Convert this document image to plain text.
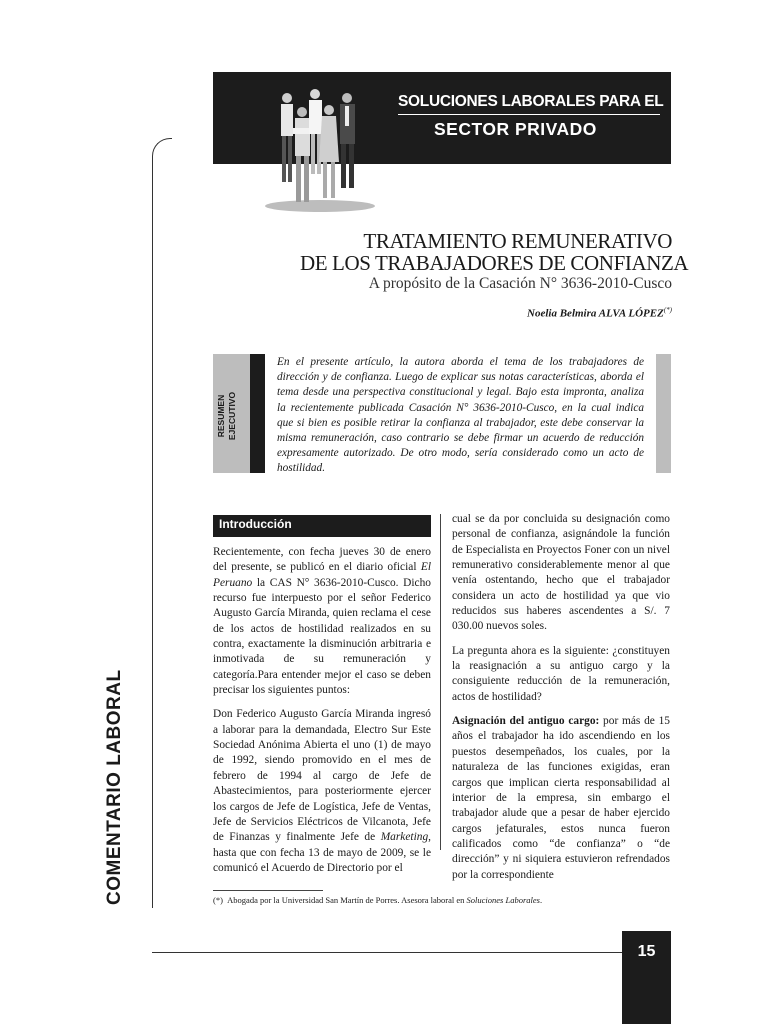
COMENTARIO LABORAL
SOLUCIONES LABORALES PARA EL
SECTOR PRIVADO
TRATAMIENTO REMUNERATIVO
DE LOS TRABAJADORES DE CONFIANZA
A propósito de la Casación N° 3636-2010-Cusco
Noelia Belmira ALVA LÓPEZ(*)
RESUMEN EJECUTIVO
En el presente artículo, la autora aborda el tema de los trabajadores de dirección y de confianza. Luego de explicar sus notas características, aborda el tema desde una perspectiva constitucional y legal. Bajo esta impronta, analiza la recientemente publicada Casación N° 3636-2010-Cusco, en la cual indica que si bien es posible retirar la confianza al trabajador, este debe conservar la misma remuneración, caso contrario se debe firmar un acuerdo de reducción expresamente autorizado. De otro modo, sería considerado como un acto de hostilidad.
Introducción

Recientemente, con fecha jueves 30 de enero del presente, se publicó en el diario oficial El Peruano la CAS N° 3636-2010-Cusco. Dicho recurso fue interpuesto por el señor Federico Augusto García Miranda, quien reclama el cese de los actos de hostilidad realizados en su contra, exactamente la disminución arbitraria e inmotivada de su remuneración y categoría.Para entender mejor el caso se deben precisar los siguientes puntos:

Don Federico Augusto García Miranda ingresó a laborar para la demandada, Electro Sur Este Sociedad Anónima Abierta el uno (1) de mayo de 1992, siendo promovido en el mes de febrero de 1994 al cargo de Jefe de Abastecimientos, para posteriormente ejercer los cargos de Jefe de Logística, Jefe de Ventas, Jefe de Servicios Eléctricos de Vilcanota, Jefe de Finanzas y finalmente Jefe de Marketing, hasta que con fecha 13 de mayo de 2009, se le comunicó el Acuerdo de Directorio por el

cual se da por concluida su designación como personal de confianza, asignándole la función de Especialista en Proyectos Foner con un nivel remunerativo considerablemente menor al que venía ostentando, hecho que el trabajador considera un acto de hostilidad ya que vio reducidos sus haberes ascendentes a S/. 7 030.00 nuevos soles.

La pregunta ahora es la siguiente: ¿constituyen la reasignación a su antiguo cargo y la consiguiente reducción de la remuneración, actos de hostilidad?

Asignación del antiguo cargo: por más de 15 años el trabajador ha ido ascendiendo en los puestos desempeñados, los cuales, por la naturaleza de las funciones exigidas, eran cargos que implican cierta responsabilidad al interior de la empresa, sin embargo el trabajador alude que a pesar de haber ejercido cargos jefaturales, estos nunca fueron calificados como “de confianza” o “de dirección” y ni siquiera estuvieron refrendados por la correspondiente

(*) Abogada por la Universidad San Martín de Porres. Asesora laboral en Soluciones Laborales.
15
